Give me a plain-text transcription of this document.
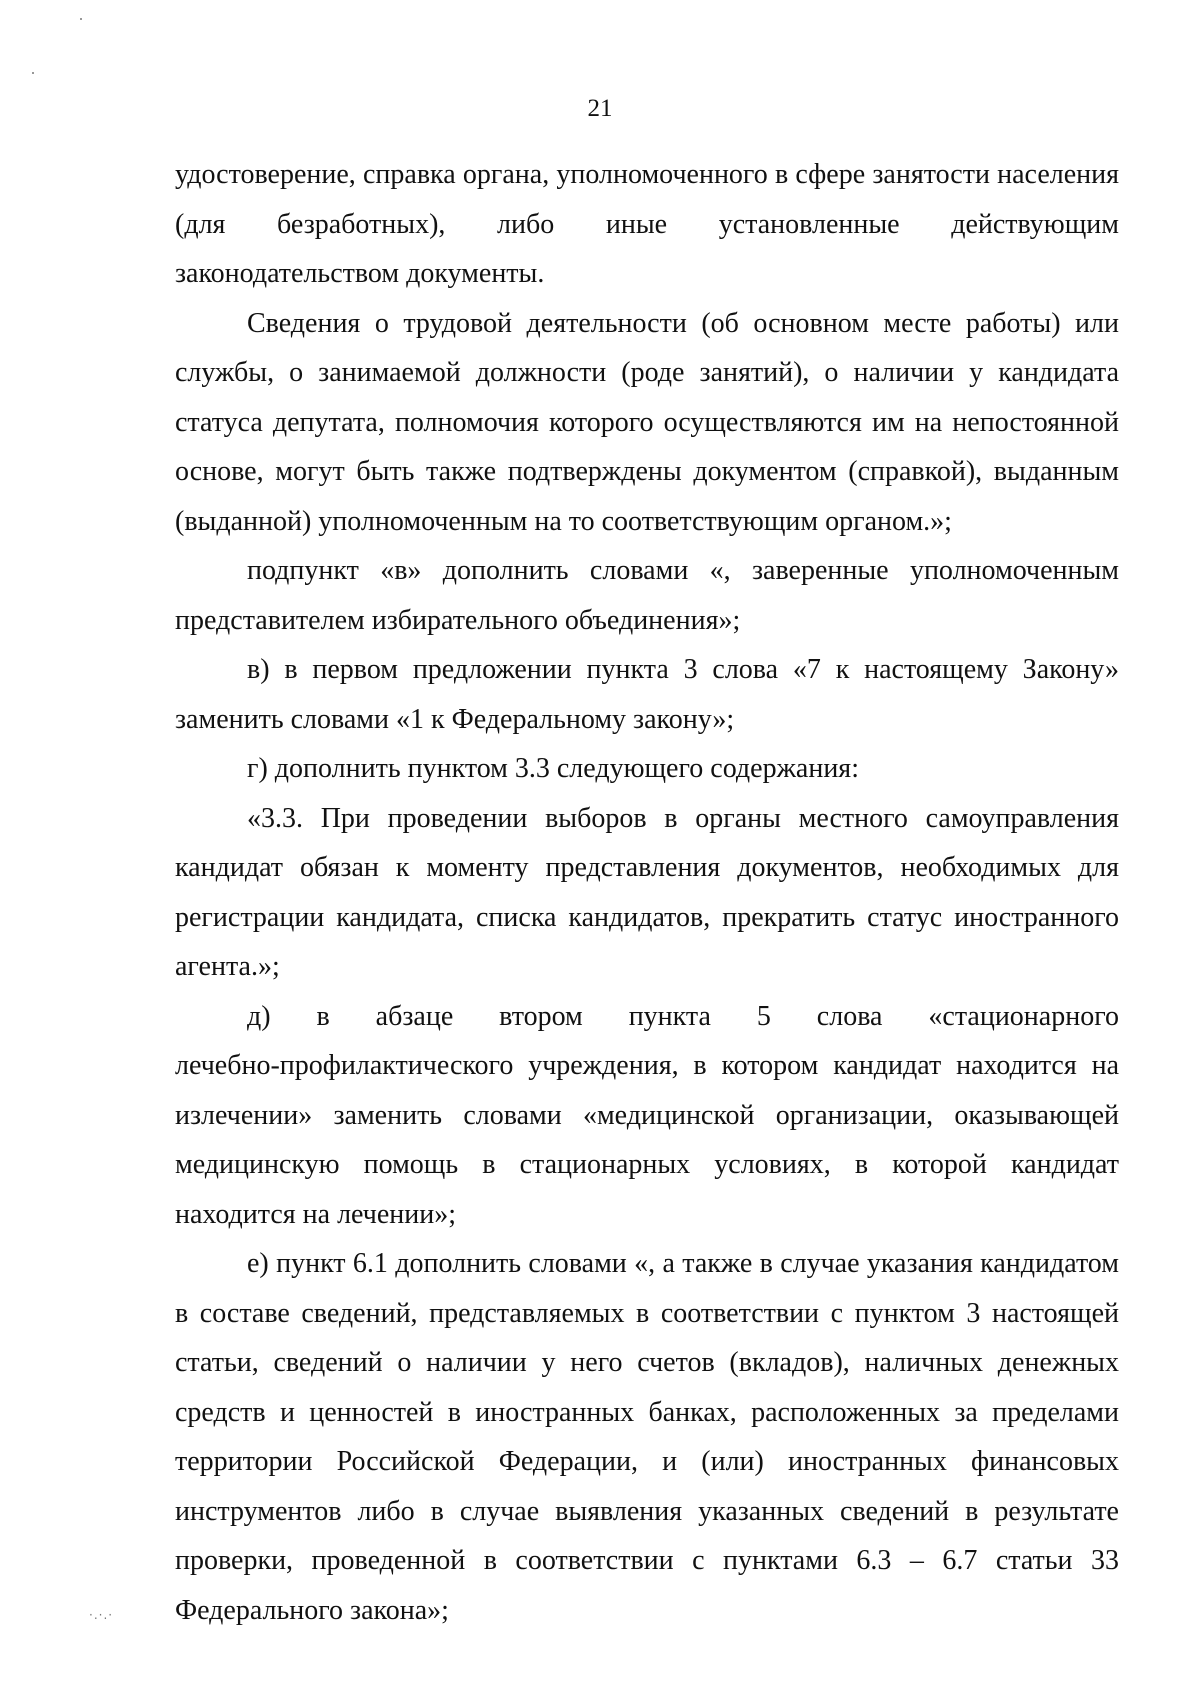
·.·.·
21

удостоверение, справка органа, уполномоченного в сфере занятости населения
(для безработных), либо иные установленные действующим
законодательством документы.

Сведения о трудовой деятельности (об основном месте работы) или службы, о занимаемой должности (роде занятий), о наличии у кандидата статуса депутата, полномочия которого осуществляются им на непостоянной основе, могут быть также подтверждены документом (справкой), выданным (выданной) уполномоченным на то соответствующим органом.»;

подпункт «в» дополнить словами «, заверенные уполномоченным представителем избирательного объединения»;

в) в первом предложении пункта 3 слова «7 к настоящему Закону» заменить словами «1 к Федеральному закону»;

г) дополнить пунктом 3.3 следующего содержания:

«3.3. При проведении выборов в органы местного самоуправления кандидат обязан к моменту представления документов, необходимых для регистрации кандидата, списка кандидатов, прекратить статус иностранного агента.»;

д) в абзаце втором пункта 5 слова «стационарного
лечебно-профилактического учреждения, в котором кандидат находится на излечении» заменить словами «медицинской организации, оказывающей медицинскую помощь в стационарных условиях, в которой кандидат находится на лечении»;

е) пункт 6.1 дополнить словами «, а также в случае указания кандидатом в составе сведений, представляемых в соответствии с пунктом 3 настоящей статьи, сведений о наличии у него счетов (вкладов), наличных денежных средств и ценностей в иностранных банках, расположенных за пределами территории Российской Федерации, и (или) иностранных финансовых инструментов либо в случае выявления указанных сведений в результате проверки, проведенной в соответствии с пунктами 6.3 – 6.7 статьи 33 Федерального закона»;
